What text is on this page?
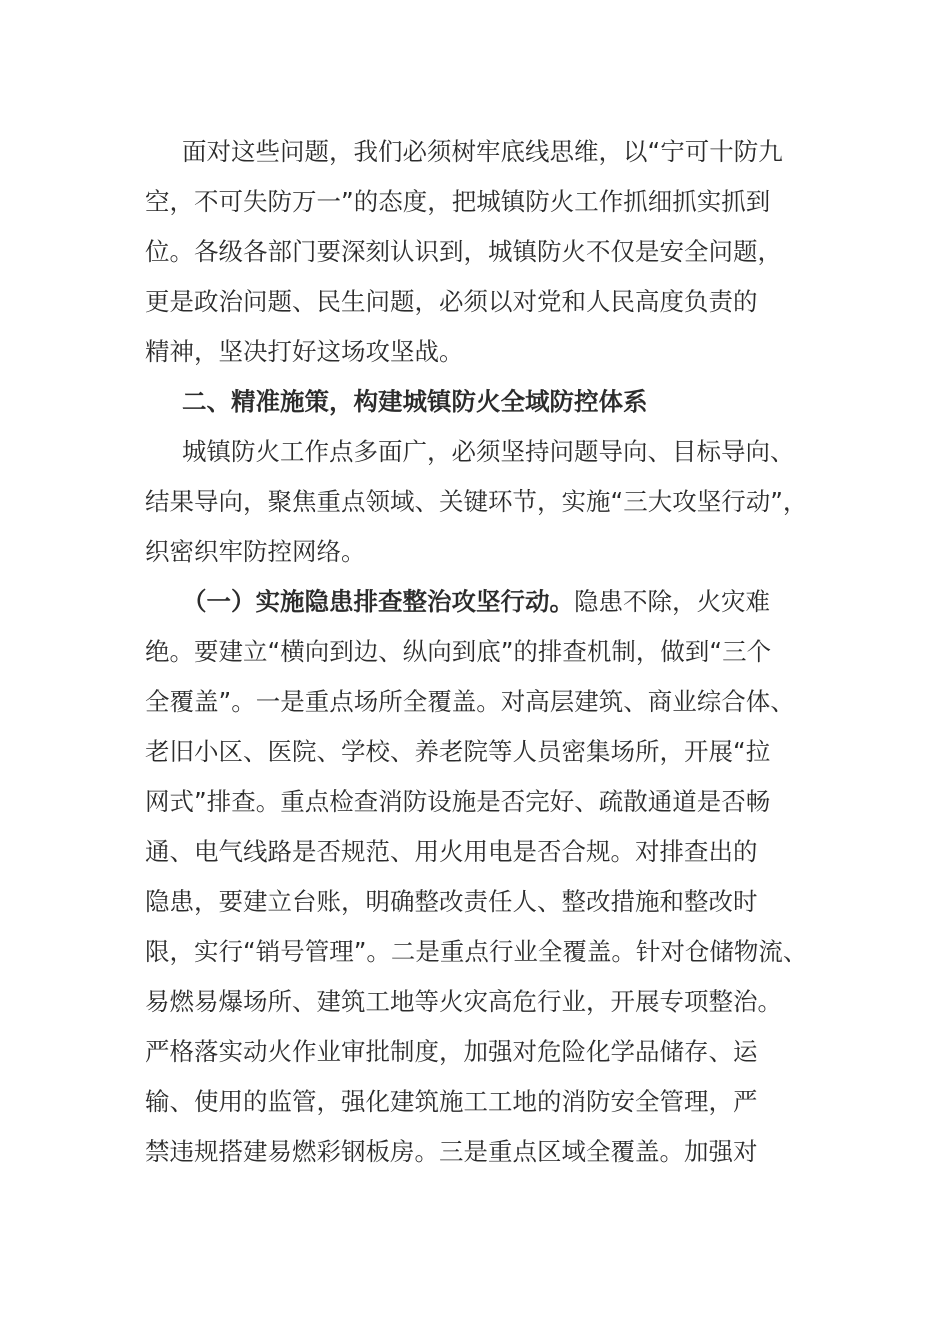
面对这些问题，我们必须树牢底线思维，以“宁可十防九
空，不可失防万一”的态度，把城镇防火工作抓细抓实抓到
位。各级各部门要深刻认识到，城镇防火不仅是安全问题，
更是政治问题、民生问题，必须以对党和人民高度负责的
精神，坚决打好这场攻坚战。
二、精准施策，构建城镇防火全域防控体系
城镇防火工作点多面广，必须坚持问题导向、目标导向、
结果导向，聚焦重点领域、关键环节，实施“三大攻坚行动”，
织密织牢防控网络。
（一）实施隐患排查整治攻坚行动。隐患不除，火灾难
绝。要建立“横向到边、纵向到底”的排查机制，做到“三个
全覆盖”。一是重点场所全覆盖。对高层建筑、商业综合体、
老旧小区、医院、学校、养老院等人员密集场所，开展“拉
网式”排查。重点检查消防设施是否完好、疏散通道是否畅
通、电气线路是否规范、用火用电是否合规。对排查出的
隐患，要建立台账，明确整改责任人、整改措施和整改时
限，实行“销号管理”。二是重点行业全覆盖。针对仓储物流、
易燃易爆场所、建筑工地等火灾高危行业，开展专项整治。
严格落实动火作业审批制度，加强对危险化学品储存、运
输、使用的监管，强化建筑施工工地的消防安全管理，严
禁违规搭建易燃彩钢板房。三是重点区域全覆盖。加强对
